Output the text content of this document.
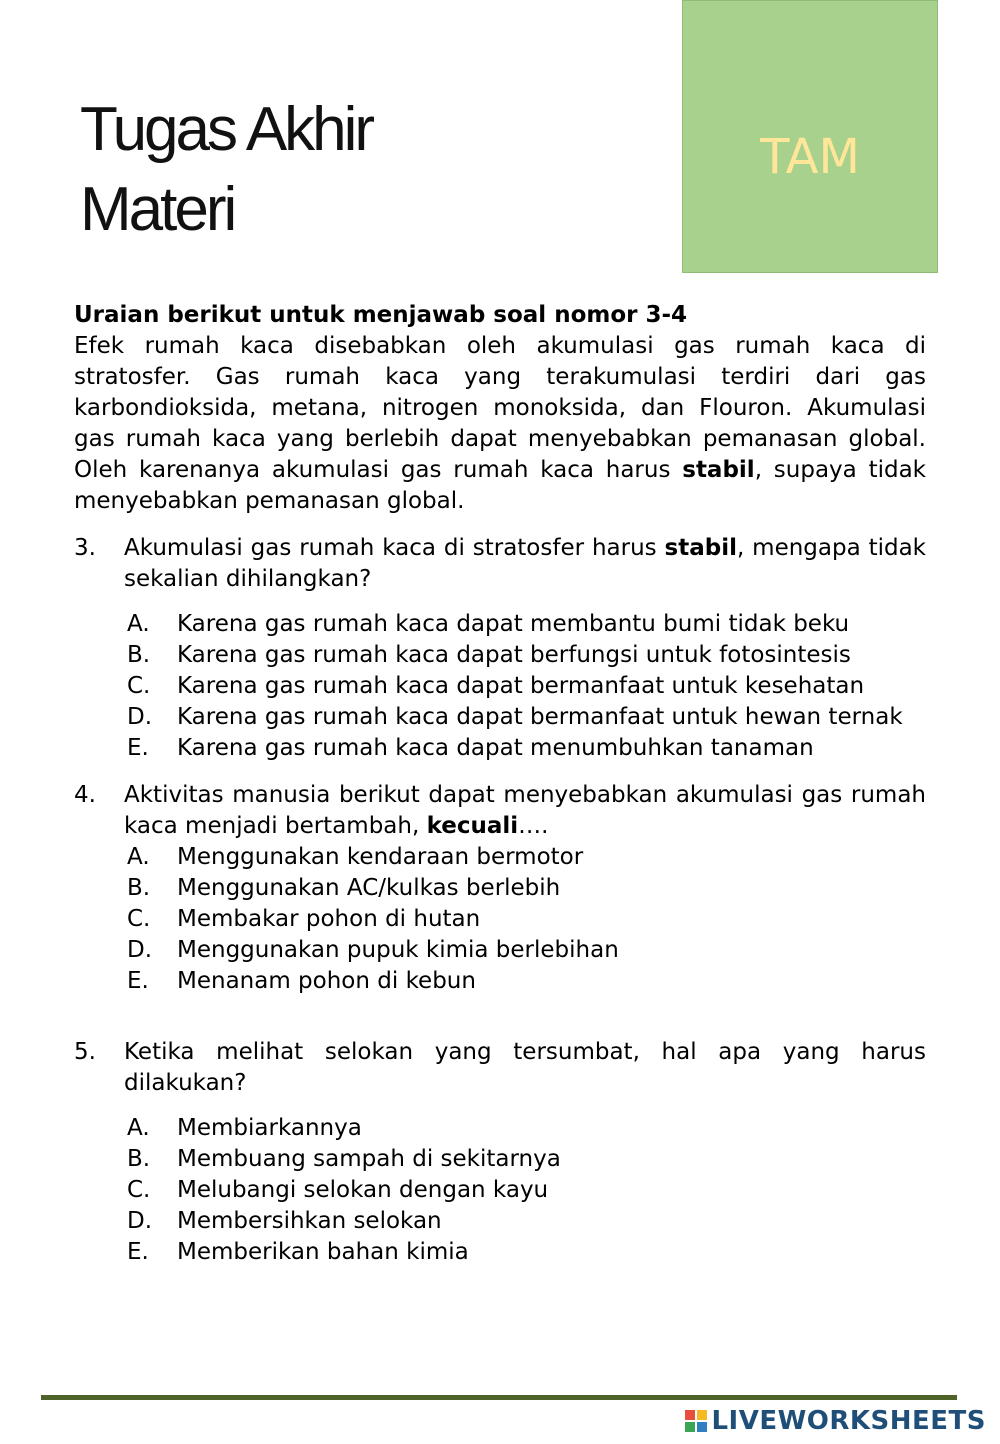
Tugas Akhir
Materi
TAM
Uraian berikut untuk menjawab soal nomor 3-4
Efek rumah kaca disebabkan oleh akumulasi gas rumah kaca di stratosfer. Gas rumah kaca yang terakumulasi terdiri dari gas karbondioksida, metana, nitrogen monoksida, dan Flouron. Akumulasi gas rumah kaca yang berlebih dapat menyebabkan pemanasan global. Oleh karenanya akumulasi gas rumah kaca harus stabil, supaya tidak menyebabkan pemanasan global.
3.	Akumulasi gas rumah kaca di stratosfer harus stabil, mengapa tidak sekalian dihilangkan?
A.	Karena gas rumah kaca dapat membantu bumi tidak beku
B.	Karena gas rumah kaca dapat berfungsi untuk fotosintesis
C.	Karena gas rumah kaca dapat bermanfaat untuk kesehatan
D.	Karena gas rumah kaca dapat bermanfaat untuk hewan ternak
E.	Karena gas rumah kaca dapat menumbuhkan tanaman
4.	Aktivitas manusia berikut dapat menyebabkan akumulasi gas rumah kaca menjadi bertambah, kecuali….
A.	Menggunakan kendaraan bermotor
B.	Menggunakan AC/kulkas berlebih
C.	Membakar pohon di hutan
D.	Menggunakan pupuk kimia berlebihan
E.	Menanam pohon di kebun
5.	Ketika melihat selokan yang tersumbat, hal apa yang harus dilakukan?
A.	Membiarkannya
B.	Membuang sampah di sekitarnya
C.	Melubangi selokan dengan kayu
D.	Membersihkan selokan
E.	Memberikan bahan kimia
LIVEWORKSHEETS
